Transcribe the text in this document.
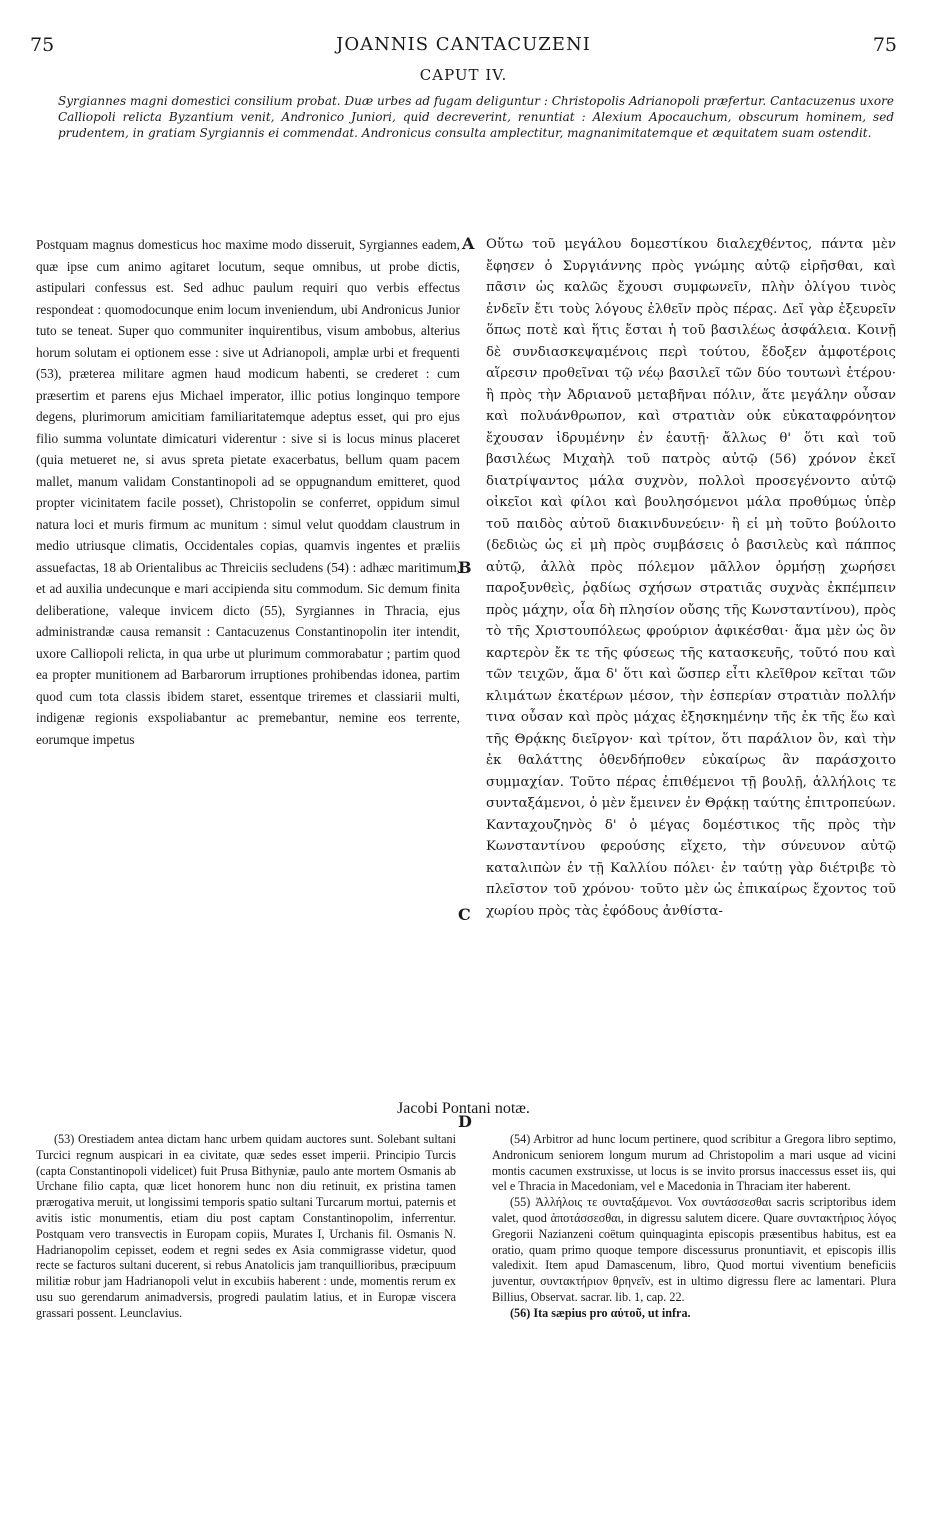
75	JOANNIS CANTACUZENI	75
CAPUT IV.
Syrgiannes magni domestici consilium probat. Duæ urbes ad fugam deliguntur : Christopolis Adrianopoli præfertur. Cantacuzenus uxore Calliopoli relicta Byzantium venit, Andronico Juniori, quid decreverint, renuntiat : Alexium Apocauchum, obscurum hominem, sed prudentem, in gratiam Syrgiannis ei commendat. Andronicus consulta amplectitur, magnanimitatemque et æquitatem suam ostendit.
Postquam magnus domesticus hoc maxime modo disseruit, Syrgiannes eadem, quæ ipse cum animo agitaret locutum, seque omnibus, ut probe dictis, astipulari confessus est. Sed adhuc paulum requiri quo verbis effectus respondeat : quomodocunque enim locum inveniendum, ubi Andronicus Junior tuto se teneat. Super quo communiter inquirentibus, visum ambobus, alterius horum solutam ei optionem esse : sive ut Adrianopoli, amplæ urbi et frequenti (53), præterea militare agmen haud modicum habenti, se crederet : cum præsertim et parens ejus Michael imperator, illic potius longinquo tempore degens, plurimorum amicitiam familiaritatemque adeptus esset, qui pro ejus filio summa voluntate dimicaturi viderentur : sive si is locus minus placeret (quia metueret ne, si avus spreta pietate exacerbatus, bellum quam pacem mallet, manum validam Constantinopoli ad se oppugnandum emitteret, quod propter vicinitatem facile posset), Christopolin se conferret, oppidum simul natura loci et muris firmum ac munitum : simul velut quoddam claustrum in medio utriusque climatis, Occidentales copias, quamvis ingentes et præliis assuefactas, 18 ab Orientalibus ac Threiciis secludens (54) : adhæc maritimum, et ad auxilia undecunque e mari accipienda situ commodum. Sic demum finita deliberatione, valeque invicem dicto (55), Syrgiannes in Thracia, ejus administrandæ causa remansit : Cantacuzenus Constantinopolin iter intendit, uxore Calliopoli relicta, in qua urbe ut plurimum commorabatur ; partim quod ea propter munitionem ad Barbarorum irruptiones prohibendas idonea, partim quod cum tota classis ibidem staret, essentque triremes et classiarii multi, indigenæ regionis exspoliabantur ac premebantur, nemine eos terrente, eorumque impetus
Οὕτω τοῦ μεγάλου δομεστίκου διαλεχθέντος, πάντα μὲν ἔφησεν ὁ Συργιάννης πρὸς γνώμης αὐτῷ εἰρῆσθαι, καὶ πᾶσιν ὡς καλῶς ἔχουσι συμφωνεῖν, πλὴν ὀλίγου τινὸς ἐνδεῖν ἔτι τοὺς λόγους ἐλθεῖν πρὸς πέρας. Δεῖ γὰρ ἐξευρεῖν ὅπως ποτὲ καὶ ἥτις ἔσται ἡ τοῦ βασιλέως ἀσφάλεια. Κοινῇ δὲ συνδιασκεψαμένοις περὶ τούτου, ἔδοξεν ἀμφοτέροις αἵρεσιν προθεῖναι τῷ νέῳ βασιλεῖ τῶν δύο τουτωνὶ ἑτέρου· ἢ πρὸς τὴν Ἀδριανοῦ μεταβῆναι πόλιν, ἅτε μεγάλην οὖσαν καὶ πολυάνθρωπον, καὶ στρατιὰν οὐκ εὐκαταφρόνητον ἔχουσαν ἱδρυμένην ἐν ἑαυτῇ· ἄλλως θ' ὅτι καὶ τοῦ βασιλέως Μιχαὴλ τοῦ πατρὸς αὐτῷ (56) χρόνον ἐκεῖ διατρίψαντος μάλα συχνὸν, πολλοὶ προσεγένοντο αὐτῷ οἰκεῖοι καὶ φίλοι καὶ βουλησόμενοι μάλα προθύμως ὑπὲρ τοῦ παιδὸς αὐτοῦ διακινδυνεύειν· ἢ εἰ μὴ τοῦτο βούλοιτο (δεδιὼς ὡς εἰ μὴ πρὸς συμβάσεις ὁ βασιλεὺς καὶ πάππος αὐτῷ, ἀλλὰ πρὸς πόλεμον μᾶλλον ὁρμήσῃ χωρήσει παροξυνθεὶς, ῥᾳδίως σχήσων στρατιᾶς συχνὰς ἐκπέμπειν πρὸς μάχην, οἷα δὴ πλησίον οὔσης τῆς Κωνσταντίνου), πρὸς τὸ τῆς Χριστουπόλεως φρούριον ἀφικέσθαι· ἅμα μὲν ὡς ὂν καρτερὸν ἔκ τε τῆς φύσεως τῆς κατασκευῆς, τοῦτό που καὶ τῶν τειχῶν, ἅμα δ' ὅτι καὶ ὥσπερ εἶτι κλεῖθρον κεῖται τῶν κλιμάτων ἑκατέρων μέσον, τὴν ἑσπερίαν στρατιὰν πολλήν τινα οὖσαν καὶ πρὸς μάχας ἐξησκημένην τῆς ἐκ τῆς ἕω καὶ τῆς Θρᾴκης διεῖργον· καὶ τρίτον, ὅτι παράλιον ὂν, καὶ τὴν ἐκ θαλάττης ὁθενδήποθεν εὐκαίρως ἂν παράσχοιτο συμμαχίαν. Τοῦτο πέρας ἐπιθέμενοι τῇ βουλῇ, ἀλλήλοις τε συνταξάμενοι, ὁ μὲν ἔμεινεν ἐν Θρᾴκῃ ταύτης ἐπιτροπεύων. Κανταχουζηνὸς δ' ὁ μέγας δομέστικος τῆς πρὸς τὴν Κωνσταντίνου φερούσης εἴχετο, τὴν σύνευνον αὐτῷ καταλιπὼν ἐν τῇ Καλλίου πόλει· ἐν ταύτῃ γὰρ διέτριβε τὸ πλεῖστον τοῦ χρόνου· τοῦτο μὲν ὡς ἐπικαίρως ἔχοντος τοῦ χωρίου πρὸς τὰς ἐφόδους ἀνθίστα-
A
B
C
D
Jacobi Pontani notæ.

(53) Orestiadem antea dictam hanc urbem quidam auctores sunt. Solebant sultani Turcici regnum auspicari in ea civitate, quæ sedes esset imperii. Principio Turcis (capta Constantinopoli videlicet) fuit Prusa Bithyniæ, paulo ante mortem Osmanis ab Urchane filio capta, quæ licet honorem hunc non diu retinuit, ex pristina tamen prærogativa meruit, ut longissimi temporis spatio sultani Turcarum mortui, paternis et avitis istic monumentis, etiam diu post captam Constantinopolim, inferrentur. Postquam vero transvectis in Europam copiis, Murates I, Urchanis fil. Osmanis N. Hadrianopolim cepisset, eodem et regni sedes ex Asia commigrasse videtur, quod recte se facturos sultani ducerent, si rebus Anatolicis jam tranquillioribus, præcipuum militiæ robur jam Hadrianopoli velut in excubiis haberent : unde, momentis rerum ex usu suo gerendarum animadversis, progredi paulatim latius, et in Europæ viscera grassari possent. Leunclavius.

(54) Arbitror ad hunc locum pertinere, quod scribitur a Gregora libro septimo, Andronicum seniorem longum murum ad Christopolim a mari usque ad vicini montis cacumen exstruxisse, ut locus is se invito prorsus inaccessus esset iis, qui vel e Thracia in Macedoniam, vel e Macedonia in Thraciam iter haberent.

(55) Ἀλλήλοις τε συνταξάμενοι. Vox συντάσσεσθαι sacris scriptoribus idem valet, quod ἀποτάσσεσθαι, in digressu salutem dicere. Quare συντακτήριος λόγος Gregorii Nazianzeni coëtum quinquaginta episcopis præsentibus habitus, est ea oratio, quam primo quoque tempore discessurus pronuntiavit, et episcopis illis valedixit. Item apud Damascenum, libro, Quod mortui viventium beneficiis juventur, συντακτήριον θρηνεῖν, est in ultimo digressu flere ac lamentari. Plura Billius, Observat. sacrar. lib. 1, cap. 22.

(56) Ita sæpius pro αὐτοῦ, ut infra.
